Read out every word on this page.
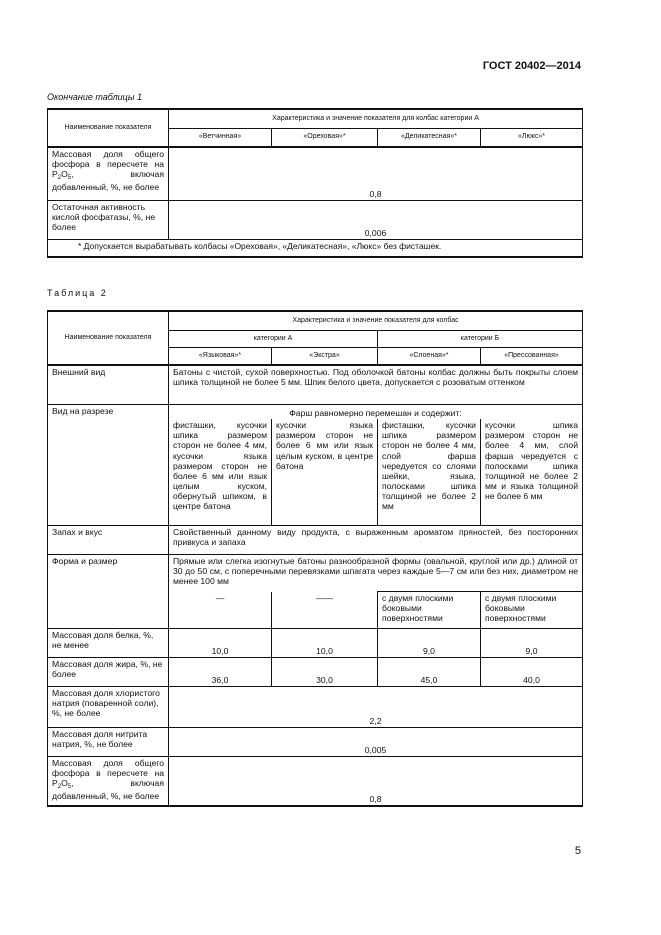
ГОСТ 20402—2014
Окончание таблицы 1
Наименование показателя	Характеристика и значение показателя для колбас категории А			
	«Ветчинная»	«Ореховая»*	«Деликатесная»*	«Люкс»*
Массовая доля общего фосфора в пересчете на $P_2O_5$, включая добавленный, %, не более	0,8			
Остаточная активность кислой фосфатазы, %, не более	0,006			
* Допускается вырабатывать колбасы «Ореховая», «Деликатесная», «Люкс» без фисташек.				
Таблица 2
Наименование показателя	Характеристика и значение показателя для колбас			
	категории А		категории Б	
	«Языковая»*	«Экстра»	«Слоеная»*	«Прессованная»
Внешний вид	Батоны с чистой, сухой поверхностью. Под оболочкой батоны колбас должны быть покрыты слоем шпика толщиной не более 5 мм. Шпик белого цвета, допускается с розоватым оттенком			
Вид на разрезе	Фарш равномерно перемешан и содержит:			
	фисташки, кусочки шпика размером сторон не более 4 мм, кусочки языка размером сторон не более 6 мм или язык целым куском, обернутый шпиком, в центре батона	кусочки языка размером сторон не более 6 мм или язык целым куском, в центре батона	фисташки, кусочки шпика размером сторон не более 4 мм, слой фарша чередуется со слоями шейки, языка, полосками шпика толщиной не более 2 мм	кусочки шпика размером сторон не более 4 мм, слой фарша чередуется с полосками шпика толщиной не более 2 мм и языка толщиной не более 6 мм
Запах и вкус	Свойственный данному виду продукта, с выраженным ароматом пряностей, без посторонних привкуса и запаха			
Форма и размер	Прямые или слегка изогнутые батоны разнообразной формы (овальной, круглой или др.) длиной от 30 до 50 см, с поперечными перевязками шпагата через каждые 5—7 см или без них, диаметром не менее 100 мм			
	—	——	с двумя плоскими боковыми поверхностями	с двумя плоскими боковыми поверхностями
Массовая доля белка, %, не менее	10,0	10,0	9,0	9,0
Массовая доля жира, %, не более	36,0	30,0	45,0	40,0
Массовая доля хлористого натрия (поваренной соли), %, не более	2,2			
Массовая доля нитрита натрия, %, не более	0,005			
Массовая доля общего фосфора в пересчете на $P_2O_5$, включая добавленный, %, не более	0,8			
5
